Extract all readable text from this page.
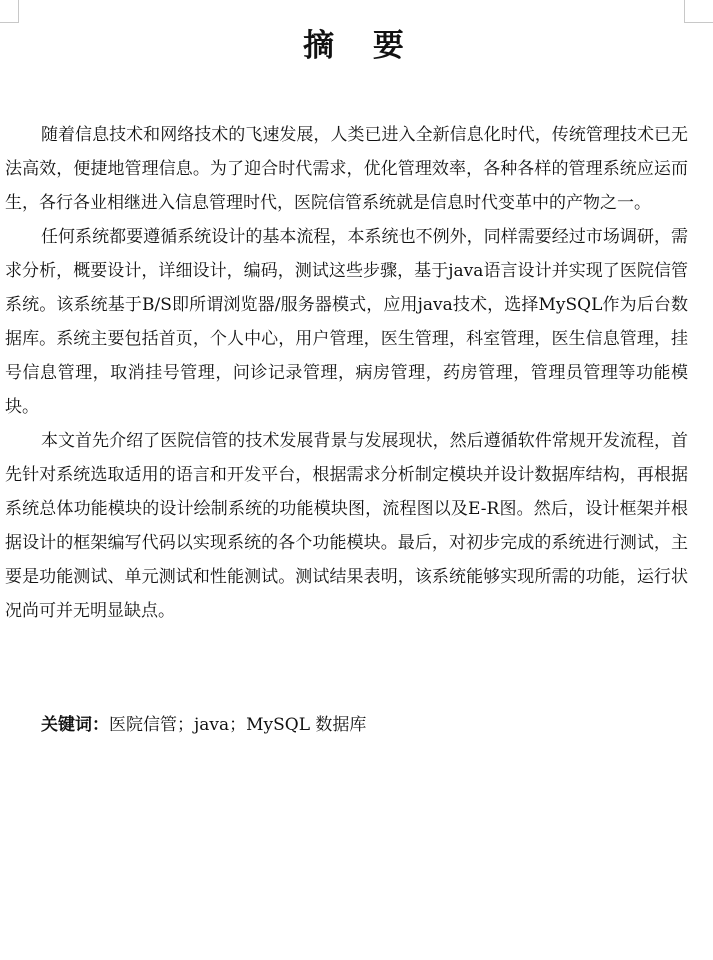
摘 要

随着信息技术和网络技术的飞速发展，人类已进入全新信息化时代，传统管理技术已无法高效，便捷地管理信息。为了迎合时代需求，优化管理效率，各种各样的管理系统应运而生，各行各业相继进入信息管理时代，医院信管系统就是信息时代变革中的产物之一。

任何系统都要遵循系统设计的基本流程，本系统也不例外，同样需要经过市场调研，需求分析，概要设计，详细设计，编码，测试这些步骤，基于java语言设计并实现了医院信管系统。该系统基于B/S即所谓浏览器/服务器模式，应用java技术，选择MySQL作为后台数据库。系统主要包括首页，个人中心，用户管理，医生管理，科室管理，医生信息管理，挂号信息管理，取消挂号管理，问诊记录管理，病房管理，药房管理，管理员管理等功能模块。

本文首先介绍了医院信管的技术发展背景与发展现状，然后遵循软件常规开发流程，首先针对系统选取适用的语言和开发平台，根据需求分析制定模块并设计数据库结构，再根据系统总体功能模块的设计绘制系统的功能模块图，流程图以及E-R图。然后，设计框架并根据设计的框架编写代码以实现系统的各个功能模块。最后，对初步完成的系统进行测试，主要是功能测试、单元测试和性能测试。测试结果表明，该系统能够实现所需的功能，运行状况尚可并无明显缺点。

关键词：医院信管；java；MySQL 数据库
